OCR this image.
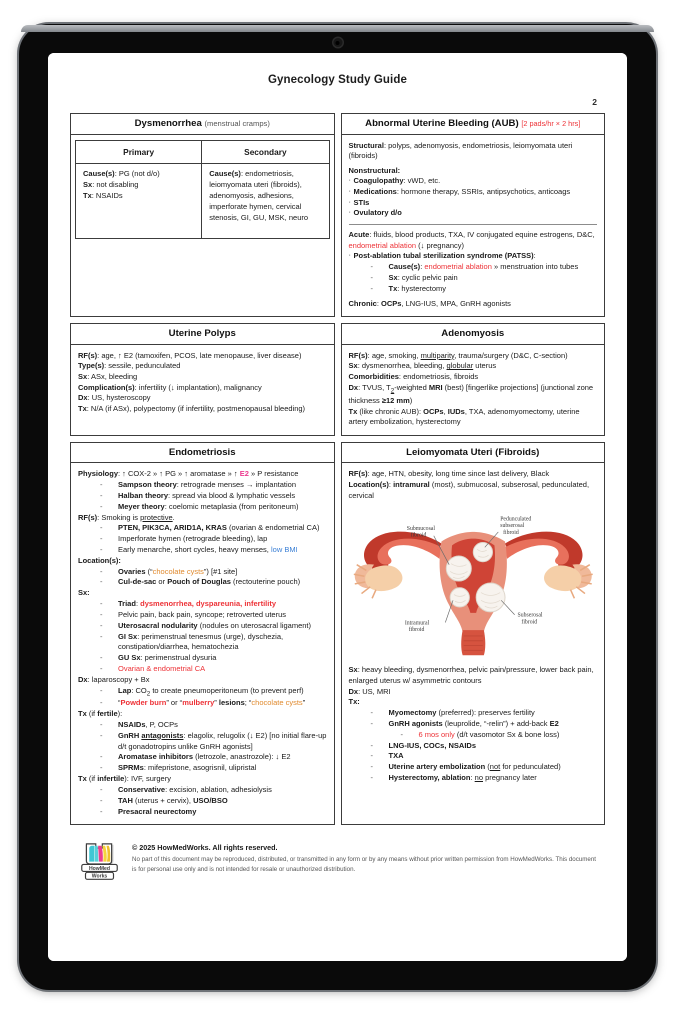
Gynecology Study Guide
2
Dysmenorrhea (menstrual cramps)
Primary	Secondary
Cause(s): PG (not d/o)
Sx: not disabling
Tx: NSAIDs
Cause(s): endometriosis, leiomyomata uteri (fibroids), adenomyosis, adhesions, imperforate hymen, cervical stenosis, GI, GU, MSK, neuro
Abnormal Uterine Bleeding (AUB) [2 pads/hr × 2 hrs]
Structural: polyps, adenomyosis, endometriosis, leiomyomata uteri (fibroids)
Nonstructural:
· Coagulopathy: vWD, etc.
· Medications: hormone therapy, SSRIs, antipsychotics, anticoags
· STIs
· Ovulatory d/o
Acute: fluids, blood products, TXA, IV conjugated equine estrogens, D&C, endometrial ablation (↓ pregnancy)
· Post-ablation tubal sterilization syndrome (PATSS):
- Cause(s): endometrial ablation » menstruation into tubes
- Sx: cyclic pelvic pain
- Tx: hysterectomy
Chronic: OCPs, LNG-IUS, MPA, GnRH agonists
Uterine Polyps
RF(s): age, ↑ E2 (tamoxifen, PCOS, late menopause, liver disease)
Type(s): sessile, pedunculated
Sx: ASx, bleeding
Complication(s): infertility (↓ implantation), malignancy
Dx: US, hysteroscopy
Tx: N/A (if ASx), polypectomy (if infertility, postmenopausal bleeding)
Adenomyosis
RF(s): age, smoking, multiparity, trauma/surgery (D&C, C-section)
Sx: dysmenorrhea, bleeding, globular uterus
Comorbidities: endometriosis, fibroids
Dx: TVUS, $T_2$-weighted MRI (best) [fingerlike projections] (junctional zone thickness ≥12 mm)
Tx (like chronic AUB): OCPs, IUDs, TXA, adenomyomectomy, uterine artery embolization, hysterectomy
Endometriosis
Physiology: ↑ COX-2 » ↑ PG » ↑ aromatase » ↑ E2 » P resistance
- Sampson theory: retrograde menses → implantation
- Halban theory: spread via blood & lymphatic vessels
- Meyer theory: coelomic metaplasia (from peritoneum)
RF(s): Smoking is protective.
- PTEN, PIK3CA, ARID1A, KRAS (ovarian & endometrial CA)
- Imperforate hymen (retrograde bleeding), lap
- Early menarche, short cycles, heavy menses, low BMI
Location(s):
- Ovaries (“chocolate cysts”) [#1 site]
- Cul-de-sac or Pouch of Douglas (rectouterine pouch)
Sx:
- Triad: dysmenorrhea, dyspareunia, infertility
- Pelvic pain, back pain, syncope; retroverted uterus
- Uterosacral nodularity (nodules on uterosacral ligament)
- GI Sx: perimenstrual tenesmus (urge), dyschezia, constipation/diarrhea, hematochezia
- GU Sx: perimenstrual dysuria
- Ovarian & endometrial CA
Dx: laparoscopy + Bx
- Lap: $CO_2$ to create pneumoperitoneum (to prevent perf)
- “Powder burn” or “mulberry” lesions; “chocolate cysts”
Tx (if fertile):
- NSAIDs, P, OCPs
- GnRH antagonists: elagolix, relugolix (↓ E2) [no initial flare-up d/t gonadotropins unlike GnRH agonists]
- Aromatase inhibitors (letrozole, anastrozole): ↓ E2
- SPRMs: mifepristone, asogrisnil, ulipristal
Tx (if infertile): IVF, surgery
- Conservative: excision, ablation, adhesiolysis
- TAH (uterus + cervix), USO/BSO
- Presacral neurectomy
Leiomyomata Uteri (Fibroids)
RF(s): age, HTN, obesity, long time since last delivery, Black
Location(s): intramural (most), submucosal, subserosal, pedunculated, cervical
Submucosal
fibroid
Pedunculated
subserosal
fibroid
Intramural
fibroid
Subserosal
fibroid
Sx: heavy bleeding, dysmenorrhea, pelvic pain/pressure, lower back pain, enlarged uterus w/ asymmetric contours
Dx: US, MRI
Tx:
- Myomectomy (preferred): preserves fertility
- GnRH agonists (leuprolide, “-relin”) + add-back E2
- 6 mos only (d/t vasomotor Sx & bone loss)
- LNG-IUS, COCs, NSAIDs
- TXA
- Uterine artery embolization (not for pedunculated)
- Hysterectomy, ablation: no pregnancy later
HowMed
Works
© 2025 HowMedWorks. All rights reserved.
No part of this document may be reproduced, distributed, or transmitted in any form or by any means without prior written permission from HowMedWorks. This document is for personal use only and is not intended for resale or unauthorized distribution.
